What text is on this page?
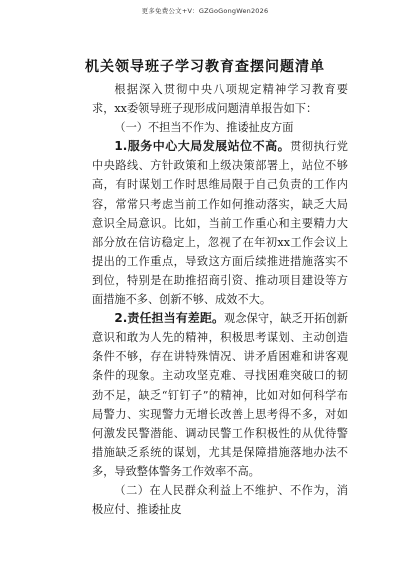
更多免费公文+V：GZGoGongWen2026
机关领导班子学习教育查摆问题清单

根据深入贯彻中央八项规定精神学习教育要求，xx委领导班子现形成问题清单报告如下：

（一）不担当不作为、推诿扯皮方面

1.服务中心大局发展站位不高。贯彻执行党中央路线、方针政策和上级决策部署上，站位不够高，有时谋划工作时思维局限于自己负责的工作内容，常常只考虑当前工作如何推动落实，缺乏大局意识全局意识。比如，当前工作重心和主要精力大部分放在信访稳定上，忽视了在年初xx工作会议上提出的工作重点，导致这方面后续推进措施落实不到位，特别是在助推招商引资、推动项目建设等方面措施不多、创新不够、成效不大。

2.责任担当有差距。观念保守，缺乏开拓创新意识和敢为人先的精神，积极思考谋划、主动创造条件不够，存在讲特殊情况、讲矛盾困难和讲客观条件的现象。主动攻坚克难、寻找困难突破口的韧劲不足，缺乏“钉钉子”的精神，比如对如何科学布局警力、实现警力无增长改善上思考得不多，对如何激发民警潜能、调动民警工作积极性的从优待警措施缺乏系统的谋划，尤其是保障措施落地办法不多，导致整体警务工作效率不高。

（二）在人民群众利益上不维护、不作为，消极应付、推诿扯皮
